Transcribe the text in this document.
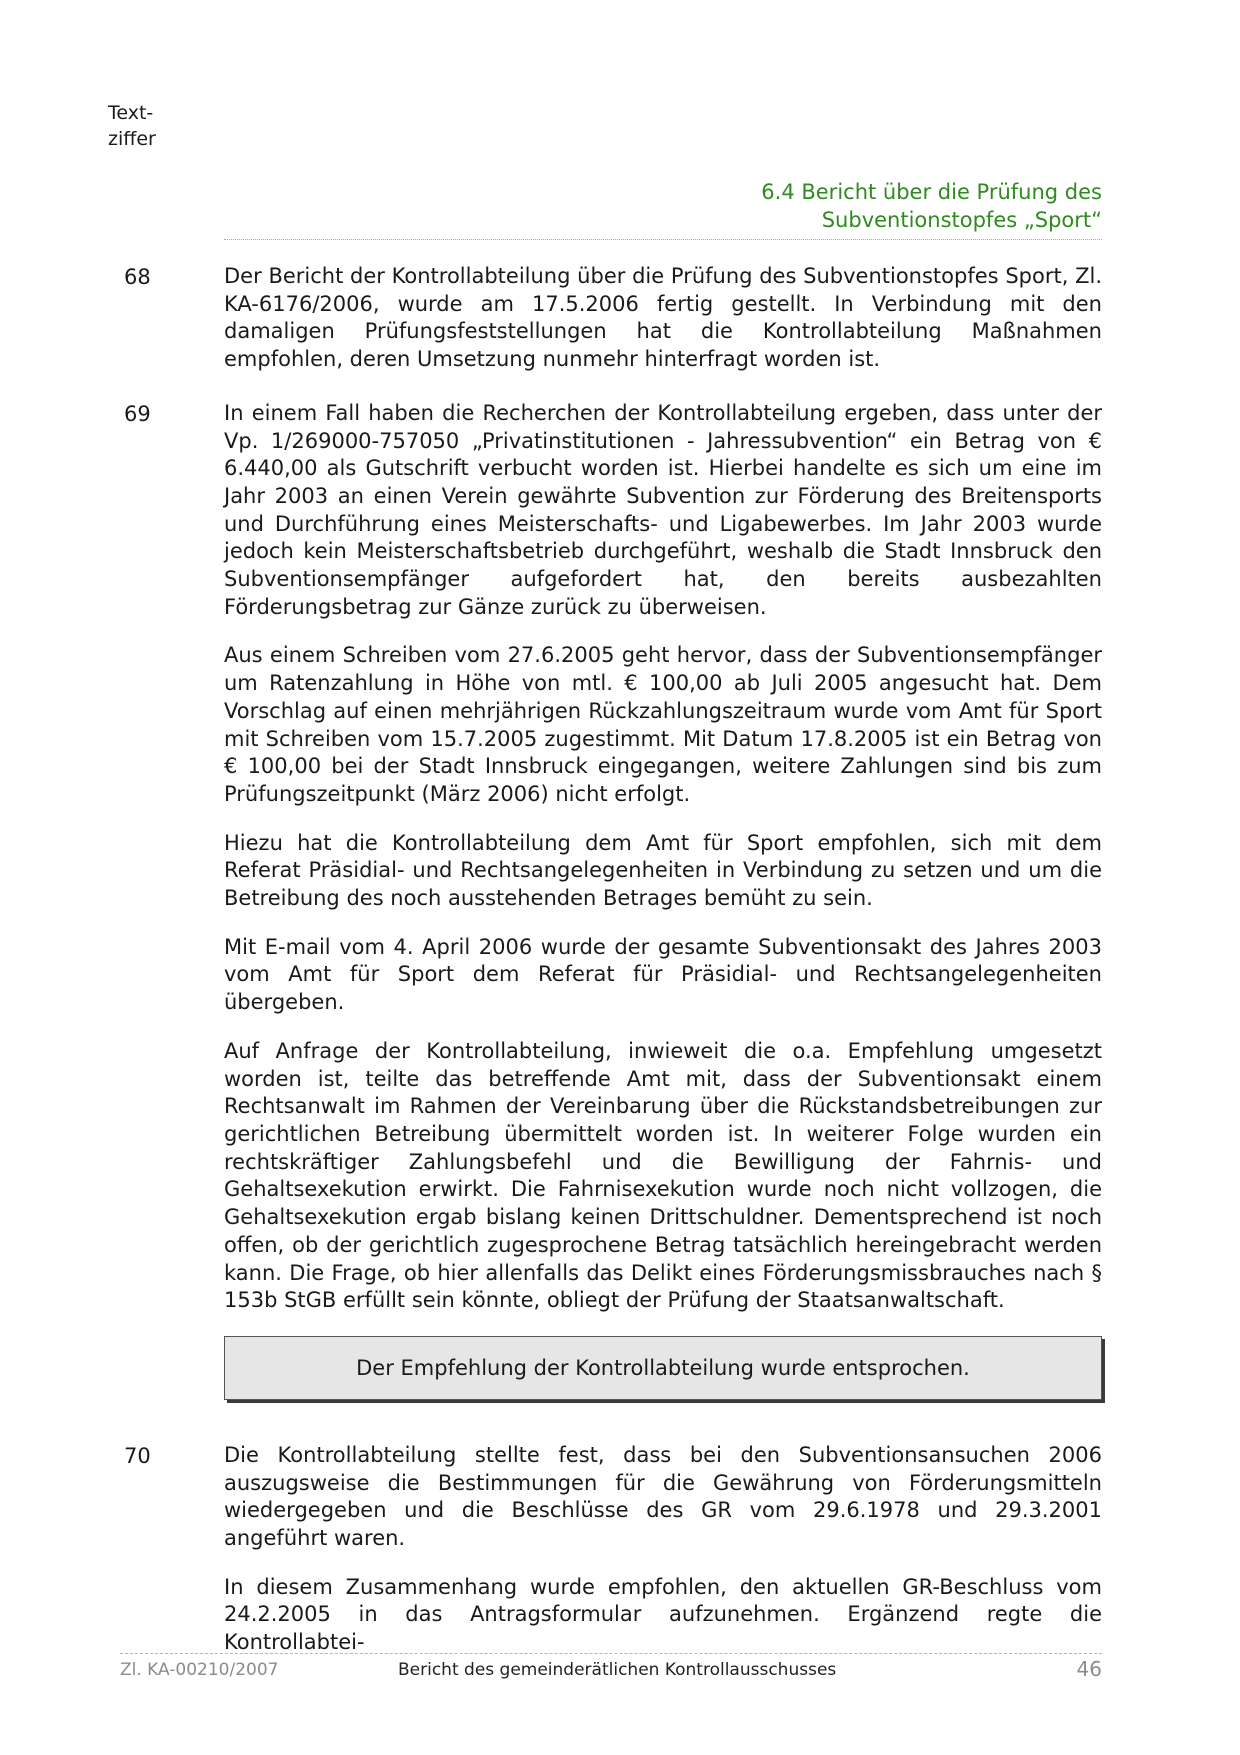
Text-
ziffer
6.4 Bericht über die Prüfung des
Subventionstopfes „Sport“
68	Der Bericht der Kontrollabteilung über die Prüfung des Subventionstopfes Sport, Zl. KA-6176/2006, wurde am 17.5.2006 fertig gestellt. In Verbindung mit den damaligen Prüfungsfeststellungen hat die Kontrollabteilung Maßnahmen empfohlen, deren Umsetzung nunmehr hinterfragt worden ist.

69	In einem Fall haben die Recherchen der Kontrollabteilung ergeben, dass unter der Vp. 1/269000-757050 „Privatinstitutionen - Jahressubvention“ ein Betrag von € 6.440,00 als Gutschrift verbucht worden ist. Hierbei handelte es sich um eine im Jahr 2003 an einen Verein gewährte Subvention zur Förderung des Breitensports und Durchführung eines Meisterschafts- und Ligabewerbes. Im Jahr 2003 wurde jedoch kein Meisterschaftsbetrieb durchgeführt, weshalb die Stadt Innsbruck den Subventionsempfänger aufgefordert hat, den bereits ausbezahlten Förderungsbetrag zur Gänze zurück zu überweisen.

Aus einem Schreiben vom 27.6.2005 geht hervor, dass der Subventionsempfänger um Ratenzahlung in Höhe von mtl. € 100,00 ab Juli 2005 angesucht hat. Dem Vorschlag auf einen mehrjährigen Rückzahlungszeitraum wurde vom Amt für Sport mit Schreiben vom 15.7.2005 zugestimmt. Mit Datum 17.8.2005 ist ein Betrag von € 100,00 bei der Stadt Innsbruck eingegangen, weitere Zahlungen sind bis zum Prüfungszeitpunkt (März 2006) nicht erfolgt.

Hiezu hat die Kontrollabteilung dem Amt für Sport empfohlen, sich mit dem Referat Präsidial- und Rechtsangelegenheiten in Verbindung zu setzen und um die Betreibung des noch ausstehenden Betrages bemüht zu sein.

Mit E-mail vom 4. April 2006 wurde der gesamte Subventionsakt des Jahres 2003 vom Amt für Sport dem Referat für Präsidial- und Rechtsangelegenheiten übergeben.

Auf Anfrage der Kontrollabteilung, inwieweit die o.a. Empfehlung umgesetzt worden ist, teilte das betreffende Amt mit, dass der Subventionsakt einem Rechtsanwalt im Rahmen der Vereinbarung über die Rückstandsbetreibungen zur gerichtlichen Betreibung übermittelt worden ist. In weiterer Folge wurden ein rechtskräftiger Zahlungsbefehl und die Bewilligung der Fahrnis- und Gehaltsexekution erwirkt. Die Fahrnisexekution wurde noch nicht vollzogen, die Gehaltsexekution ergab bislang keinen Drittschuldner. Dementsprechend ist noch offen, ob der gerichtlich zugesprochene Betrag tatsächlich hereingebracht werden kann. Die Frage, ob hier allenfalls das Delikt eines Förderungsmissbrauches nach § 153b StGB erfüllt sein könnte, obliegt der Prüfung der Staatsanwaltschaft.

Der Empfehlung der Kontrollabteilung wurde entsprochen.
70	Die Kontrollabteilung stellte fest, dass bei den Subventionsansuchen 2006 auszugsweise die Bestimmungen für die Gewährung von Förderungsmitteln wiedergegeben und die Beschlüsse des GR vom 29.6.1978 und 29.3.2001 angeführt waren.

In diesem Zusammenhang wurde empfohlen, den aktuellen GR-Beschluss vom 24.2.2005 in das Antragsformular aufzunehmen. Ergänzend regte die Kontrollabtei-

Zl. KA-00210/2007	Bericht des gemeinderätlichen Kontrollausschusses	46
